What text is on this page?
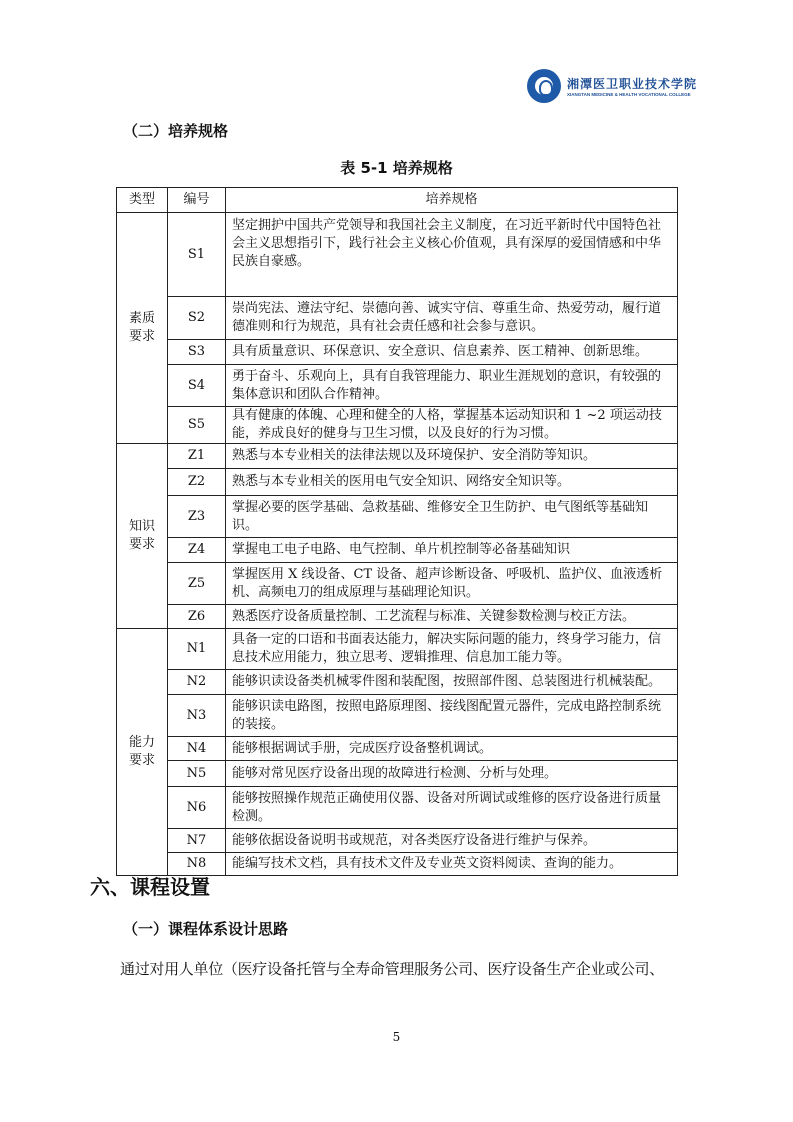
湘潭医卫职业技术学院
XIANGTAN MEDICINE & HEALTH VOCATIONAL COLLEGE
（二）培养规格
表 5-1 培养规格
类型	编号	培养规格
素质要求	S1	坚定拥护中国共产党领导和我国社会主义制度，在习近平新时代中国特色社会主义思想指引下，践行社会主义核心价值观，具有深厚的爱国情感和中华民族自豪感。
	S2	崇尚宪法、遵法守纪、崇德向善、诚实守信、尊重生命、热爱劳动，履行道德准则和行为规范，具有社会责任感和社会参与意识。
	S3	具有质量意识、环保意识、安全意识、信息素养、医工精神、创新思维。
	S4	勇于奋斗、乐观向上，具有自我管理能力、职业生涯规划的意识，有较强的集体意识和团队合作精神。
	S5	具有健康的体魄、心理和健全的人格，掌握基本运动知识和 1 ~2 项运动技能，养成良好的健身与卫生习惯，以及良好的行为习惯。
知识要求	Z1	熟悉与本专业相关的法律法规以及环境保护、安全消防等知识。
	Z2	熟悉与本专业相关的医用电气安全知识、网络安全知识等。
	Z3	掌握必要的医学基础、急救基础、维修安全卫生防护、电气图纸等基础知识。
	Z4	掌握电工电子电路、电气控制、单片机控制等必备基础知识
	Z5	掌握医用 X 线设备、CT 设备、超声诊断设备、呼吸机、监护仪、血液透析机、高频电刀的组成原理与基础理论知识。
	Z6	熟悉医疗设备质量控制、工艺流程与标准、关键参数检测与校正方法。
能力要求	N1	具备一定的口语和书面表达能力，解决实际问题的能力，终身学习能力，信息技术应用能力，独立思考、逻辑推理、信息加工能力等。
	N2	能够识读设备类机械零件图和装配图，按照部件图、总装图进行机械装配。
	N3	能够识读电路图，按照电路原理图、接线图配置元器件，完成电路控制系统的装接。
	N4	能够根据调试手册，完成医疗设备整机调试。
	N5	能够对常见医疗设备出现的故障进行检测、分析与处理。
	N6	能够按照操作规范正确使用仪器、设备对所调试或维修的医疗设备进行质量检测。
	N7	能够依据设备说明书或规范，对各类医疗设备进行维护与保养。
	N8	能编写技术文档，具有技术文件及专业英文资料阅读、查询的能力。
六、课程设置
（一）课程体系设计思路
通过对用人单位（医疗设备托管与全寿命管理服务公司、医疗设备生产企业或公司、
5
